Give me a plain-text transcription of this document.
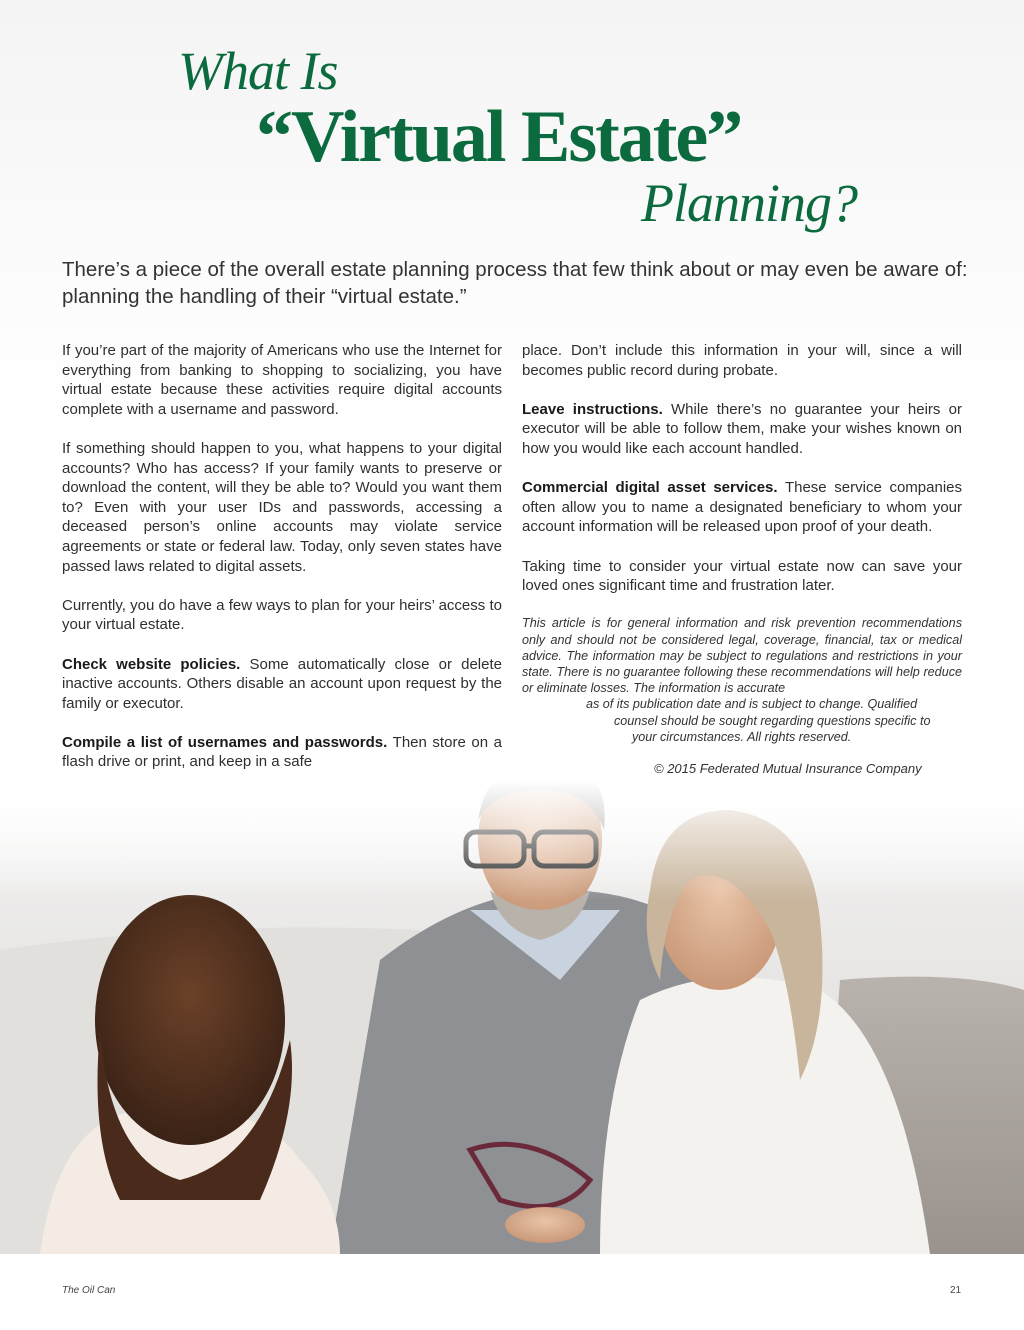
What Is
“Virtual Estate”
Planning?
There’s a piece of the overall estate planning process that few think about or may even be aware of: planning the handling of their “virtual estate.”

If you’re part of the majority of Americans who use the Internet for everything from banking to shopping to socializing, you have virtual estate because these activities require digital accounts complete with a username and password.

If something should happen to you, what happens to your digital accounts? Who has access? If your family wants to preserve or download the content, will they be able to? Would you want them to? Even with your user IDs and passwords, accessing a deceased person’s online accounts may violate service agreements or state or federal law. Today, only seven states have passed laws related to digital assets.

Currently, you do have a few ways to plan for your heirs’ access to your virtual estate.

Check website policies. Some automatically close or delete inactive accounts. Others disable an account upon request by the family or executor.

Compile a list of usernames and passwords. Then store on a flash drive or print, and keep in a safe

place. Don’t include this information in your will, since a will becomes public record during probate.

Leave instructions. While there’s no guarantee your heirs or executor will be able to follow them, make your wishes known on how you would like each account handled.

Commercial digital asset services. These service companies often allow you to name a designated beneficiary to whom your account information will be released upon proof of your death.

Taking time to consider your virtual estate now can save your loved ones significant time and frustration later.

This article is for general information and risk prevention recommendations only and should not be considered legal, coverage, financial, tax or medical advice. The information may be subject to regulations and restrictions in your state. There is no guarantee following these recommendations will help reduce or eliminate losses. The information is accurate
as of its publication date and is subject to change. Qualified
counsel should be sought regarding questions specific to
your circumstances. All rights reserved.
© 2015 Federated Mutual Insurance Company
The Oil Can	21
